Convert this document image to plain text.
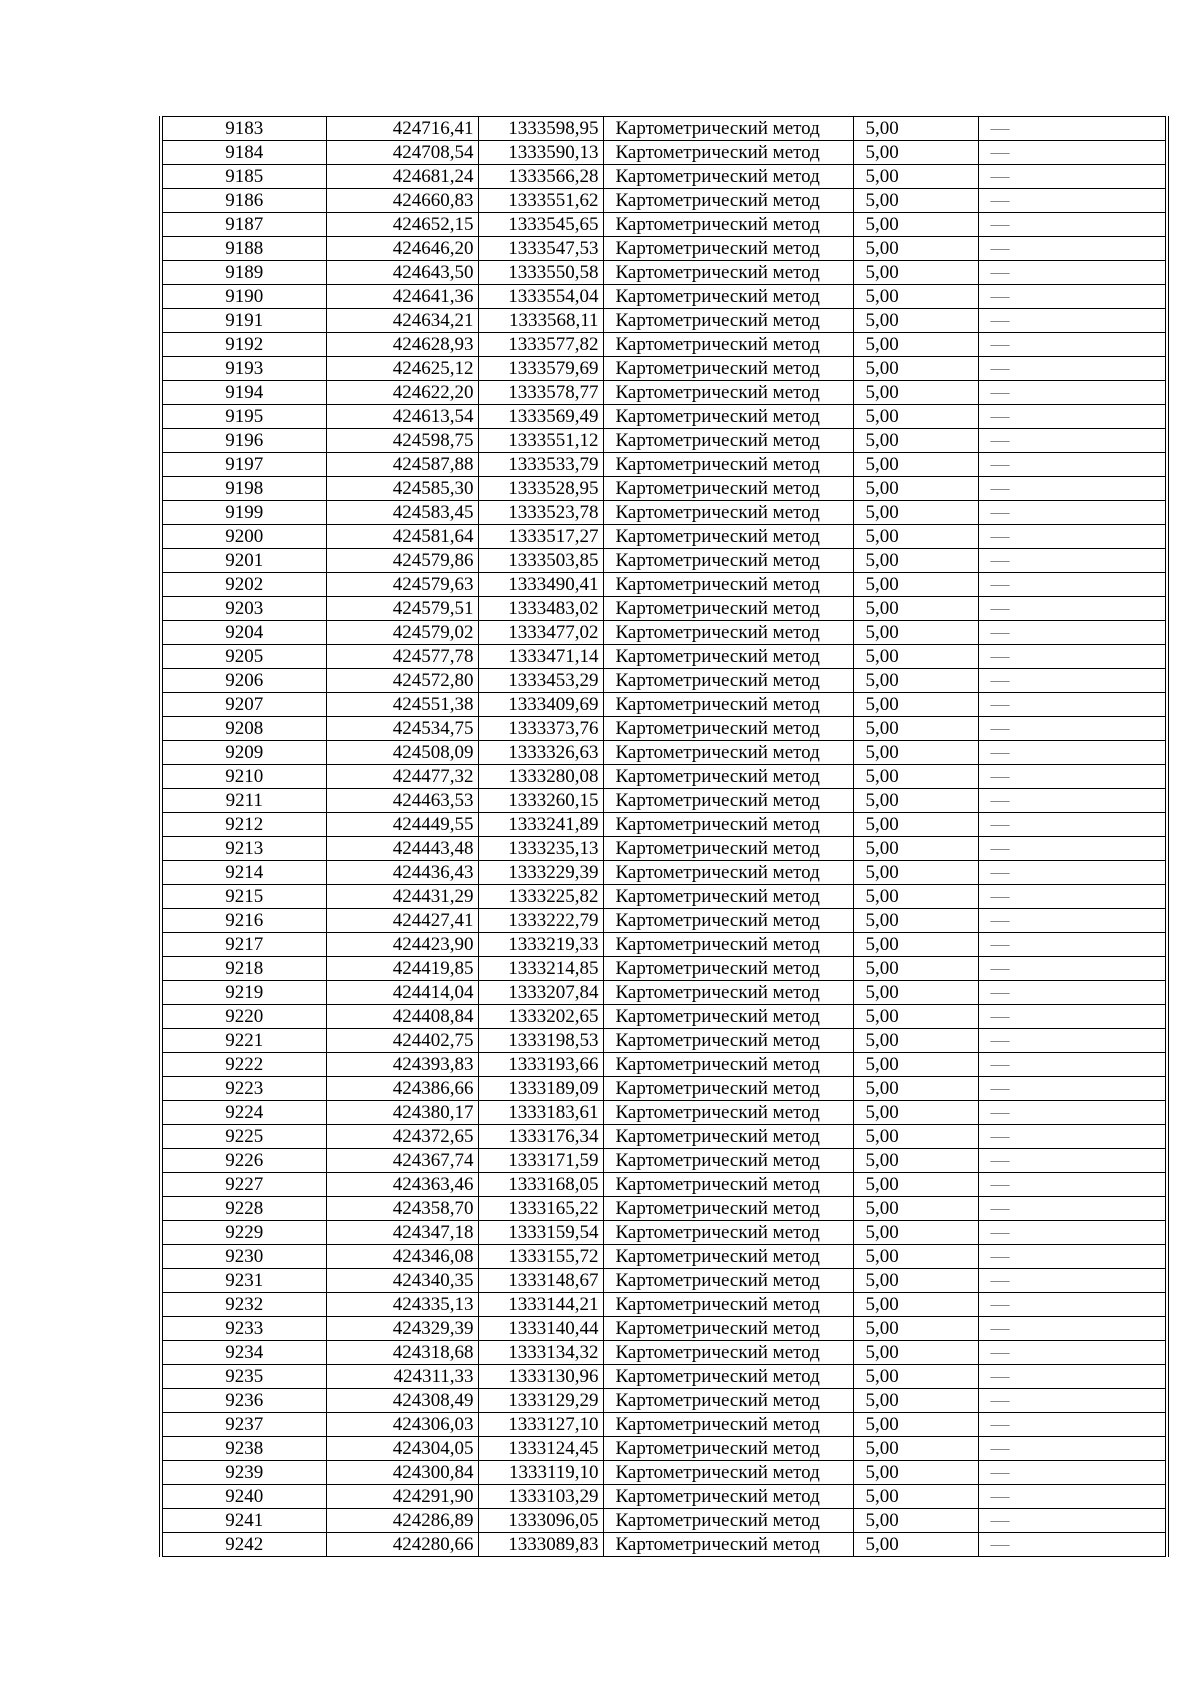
9183	424716,41	1333598,95	Картометрический метод	5,00	—
9184	424708,54	1333590,13	Картометрический метод	5,00	—
9185	424681,24	1333566,28	Картометрический метод	5,00	—
9186	424660,83	1333551,62	Картометрический метод	5,00	—
9187	424652,15	1333545,65	Картометрический метод	5,00	—
9188	424646,20	1333547,53	Картометрический метод	5,00	—
9189	424643,50	1333550,58	Картометрический метод	5,00	—
9190	424641,36	1333554,04	Картометрический метод	5,00	—
9191	424634,21	1333568,11	Картометрический метод	5,00	—
9192	424628,93	1333577,82	Картометрический метод	5,00	—
9193	424625,12	1333579,69	Картометрический метод	5,00	—
9194	424622,20	1333578,77	Картометрический метод	5,00	—
9195	424613,54	1333569,49	Картометрический метод	5,00	—
9196	424598,75	1333551,12	Картометрический метод	5,00	—
9197	424587,88	1333533,79	Картометрический метод	5,00	—
9198	424585,30	1333528,95	Картометрический метод	5,00	—
9199	424583,45	1333523,78	Картометрический метод	5,00	—
9200	424581,64	1333517,27	Картометрический метод	5,00	—
9201	424579,86	1333503,85	Картометрический метод	5,00	—
9202	424579,63	1333490,41	Картометрический метод	5,00	—
9203	424579,51	1333483,02	Картометрический метод	5,00	—
9204	424579,02	1333477,02	Картометрический метод	5,00	—
9205	424577,78	1333471,14	Картометрический метод	5,00	—
9206	424572,80	1333453,29	Картометрический метод	5,00	—
9207	424551,38	1333409,69	Картометрический метод	5,00	—
9208	424534,75	1333373,76	Картометрический метод	5,00	—
9209	424508,09	1333326,63	Картометрический метод	5,00	—
9210	424477,32	1333280,08	Картометрический метод	5,00	—
9211	424463,53	1333260,15	Картометрический метод	5,00	—
9212	424449,55	1333241,89	Картометрический метод	5,00	—
9213	424443,48	1333235,13	Картометрический метод	5,00	—
9214	424436,43	1333229,39	Картометрический метод	5,00	—
9215	424431,29	1333225,82	Картометрический метод	5,00	—
9216	424427,41	1333222,79	Картометрический метод	5,00	—
9217	424423,90	1333219,33	Картометрический метод	5,00	—
9218	424419,85	1333214,85	Картометрический метод	5,00	—
9219	424414,04	1333207,84	Картометрический метод	5,00	—
9220	424408,84	1333202,65	Картометрический метод	5,00	—
9221	424402,75	1333198,53	Картометрический метод	5,00	—
9222	424393,83	1333193,66	Картометрический метод	5,00	—
9223	424386,66	1333189,09	Картометрический метод	5,00	—
9224	424380,17	1333183,61	Картометрический метод	5,00	—
9225	424372,65	1333176,34	Картометрический метод	5,00	—
9226	424367,74	1333171,59	Картометрический метод	5,00	—
9227	424363,46	1333168,05	Картометрический метод	5,00	—
9228	424358,70	1333165,22	Картометрический метод	5,00	—
9229	424347,18	1333159,54	Картометрический метод	5,00	—
9230	424346,08	1333155,72	Картометрический метод	5,00	—
9231	424340,35	1333148,67	Картометрический метод	5,00	—
9232	424335,13	1333144,21	Картометрический метод	5,00	—
9233	424329,39	1333140,44	Картометрический метод	5,00	—
9234	424318,68	1333134,32	Картометрический метод	5,00	—
9235	424311,33	1333130,96	Картометрический метод	5,00	—
9236	424308,49	1333129,29	Картометрический метод	5,00	—
9237	424306,03	1333127,10	Картометрический метод	5,00	—
9238	424304,05	1333124,45	Картометрический метод	5,00	—
9239	424300,84	1333119,10	Картометрический метод	5,00	—
9240	424291,90	1333103,29	Картометрический метод	5,00	—
9241	424286,89	1333096,05	Картометрический метод	5,00	—
9242	424280,66	1333089,83	Картометрический метод	5,00	—
